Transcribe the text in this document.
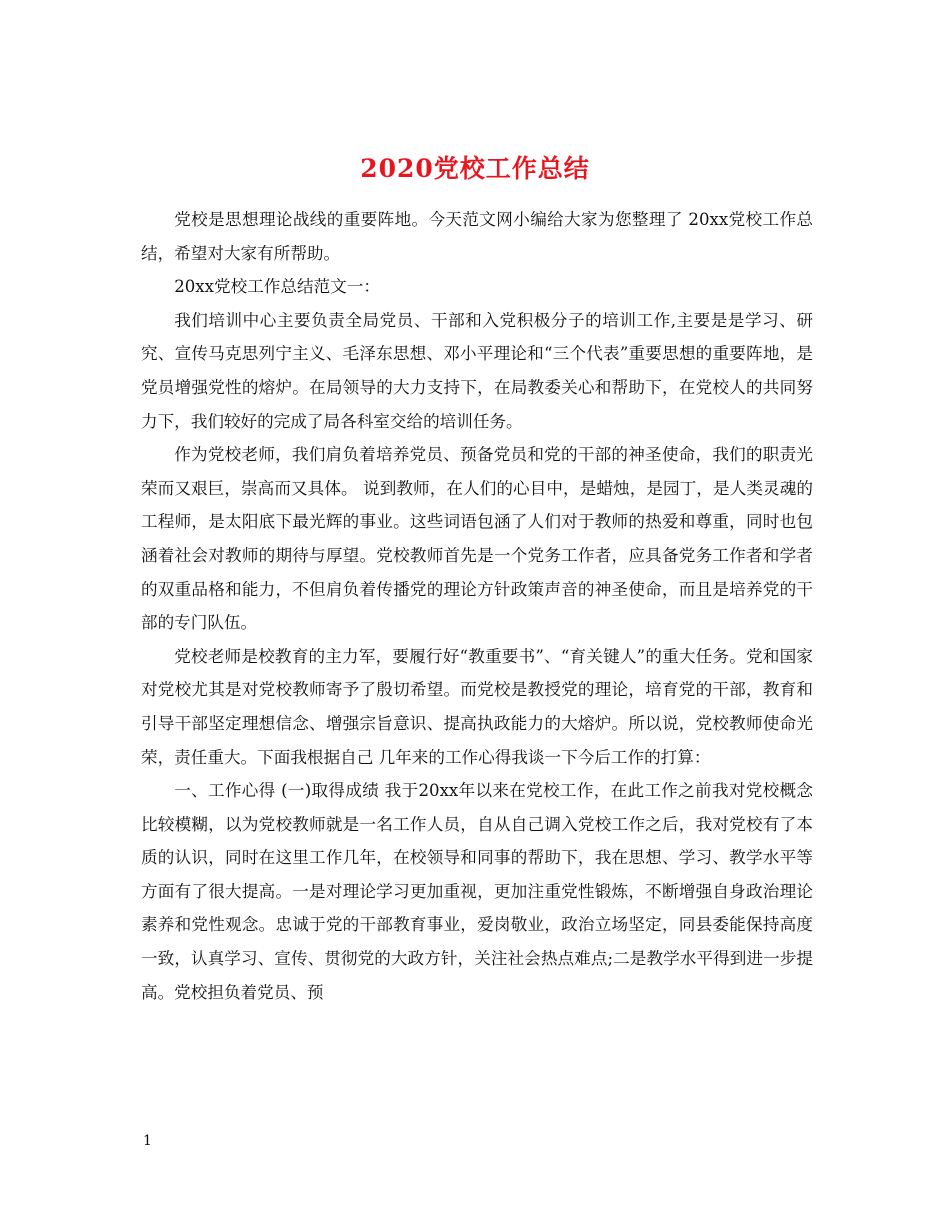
2020党校工作总结

党校是思想理论战线的重要阵地。今天范文网小编给大家为您整理了 20xx党校工作总结，希望对大家有所帮助。

20xx党校工作总结范文一：

我们培训中心主要负责全局党员、干部和入党积极分子的培训工作,主要是是学习、研究、宣传马克思列宁主义、毛泽东思想、邓小平理论和“三个代表”重要思想的重要阵地，是党员增强党性的熔炉。在局领导的大力支持下，在局教委关心和帮助下，在党校人的共同努力下，我们较好的完成了局各科室交给的培训任务。

作为党校老师，我们肩负着培养党员、预备党员和党的干部的神圣使命，我们的职责光荣而又艰巨，崇高而又具体。 说到教师，在人们的心目中，是蜡烛，是园丁，是人类灵魂的工程师，是太阳底下最光辉的事业。这些词语包涵了人们对于教师的热爱和尊重，同时也包涵着社会对教师的期待与厚望。党校教师首先是一个党务工作者，应具备党务工作者和学者的双重品格和能力，不但肩负着传播党的理论方针政策声音的神圣使命，而且是培养党的干部的专门队伍。

党校老师是校教育的主力军，要履行好“教重要书”、“育关键人”的重大任务。党和国家对党校尤其是对党校教师寄予了殷切希望。而党校是教授党的理论，培育党的干部，教育和引导干部坚定理想信念、增强宗旨意识、提高执政能力的大熔炉。所以说，党校教师使命光荣，责任重大。下面我根据自己 几年来的工作心得我谈一下今后工作的打算：

一、工作心得 (一)取得成绩 我于20xx年以来在党校工作，在此工作之前我对党校概念比较模糊，以为党校教师就是一名工作人员，自从自己调入党校工作之后，我对党校有了本质的认识，同时在这里工作几年，在校领导和同事的帮助下，我在思想、学习、教学水平等方面有了很大提高。一是对理论学习更加重视，更加注重党性锻炼，不断增强自身政治理论素养和党性观念。忠诚于党的干部教育事业，爱岗敬业，政治立场坚定，同县委能保持高度一致，认真学习、宣传、贯彻党的大政方针，关注社会热点难点;二是教学水平得到进一步提高。党校担负着党员、预

1
